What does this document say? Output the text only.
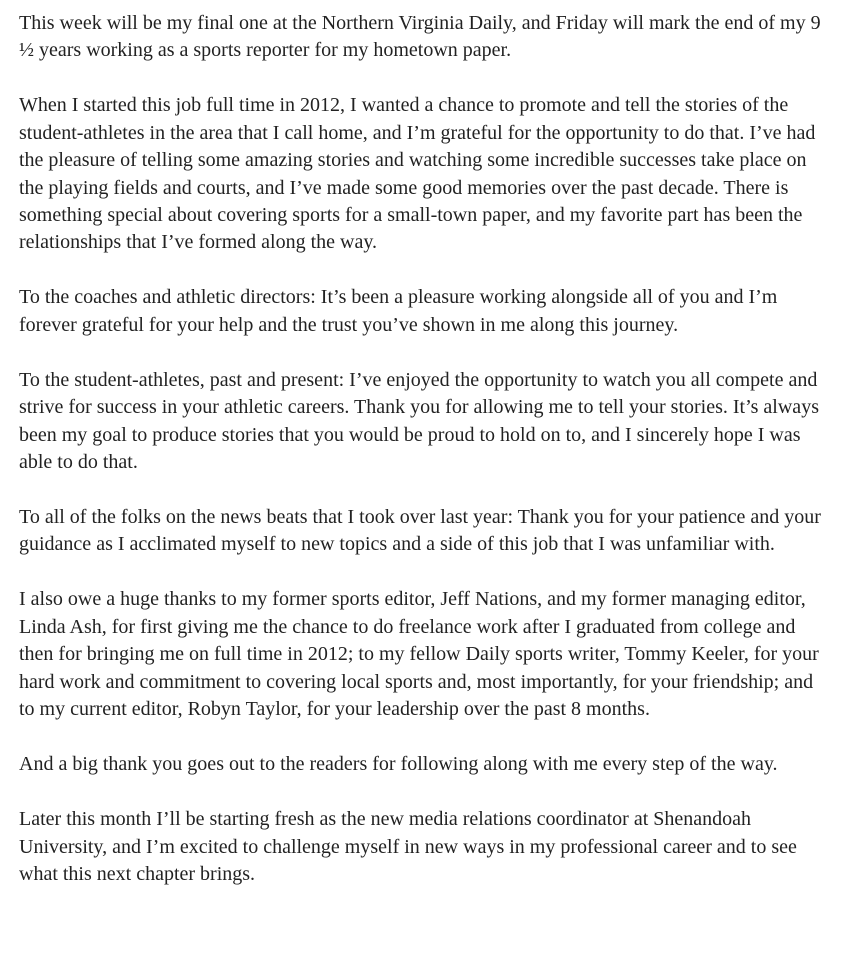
This week will be my final one at the Northern Virginia Daily, and Friday will mark the end of my 9 ½ years working as a sports reporter for my hometown paper.

When I started this job full time in 2012, I wanted a chance to promote and tell the stories of the student-athletes in the area that I call home, and I’m grateful for the opportunity to do that. I’ve had the pleasure of telling some amazing stories and watching some incredible successes take place on the playing fields and courts, and I’ve made some good memories over the past decade. There is something special about covering sports for a small-town paper, and my favorite part has been the relationships that I’ve formed along the way.

To the coaches and athletic directors: It’s been a pleasure working alongside all of you and I’m forever grateful for your help and the trust you’ve shown in me along this journey.

To the student-athletes, past and present: I’ve enjoyed the opportunity to watch you all compete and strive for success in your athletic careers. Thank you for allowing me to tell your stories. It’s always been my goal to produce stories that you would be proud to hold on to, and I sincerely hope I was able to do that.

To all of the folks on the news beats that I took over last year: Thank you for your patience and your guidance as I acclimated myself to new topics and a side of this job that I was unfamiliar with.

I also owe a huge thanks to my former sports editor, Jeff Nations, and my former managing editor, Linda Ash, for first giving me the chance to do freelance work after I graduated from college and then for bringing me on full time in 2012; to my fellow Daily sports writer, Tommy Keeler, for your hard work and commitment to covering local sports and, most importantly, for your friendship; and to my current editor, Robyn Taylor, for your leadership over the past 8 months.

And a big thank you goes out to the readers for following along with me every step of the way.

Later this month I’ll be starting fresh as the new media relations coordinator at Shenandoah University, and I’m excited to challenge myself in new ways in my professional career and to see what this next chapter brings.
